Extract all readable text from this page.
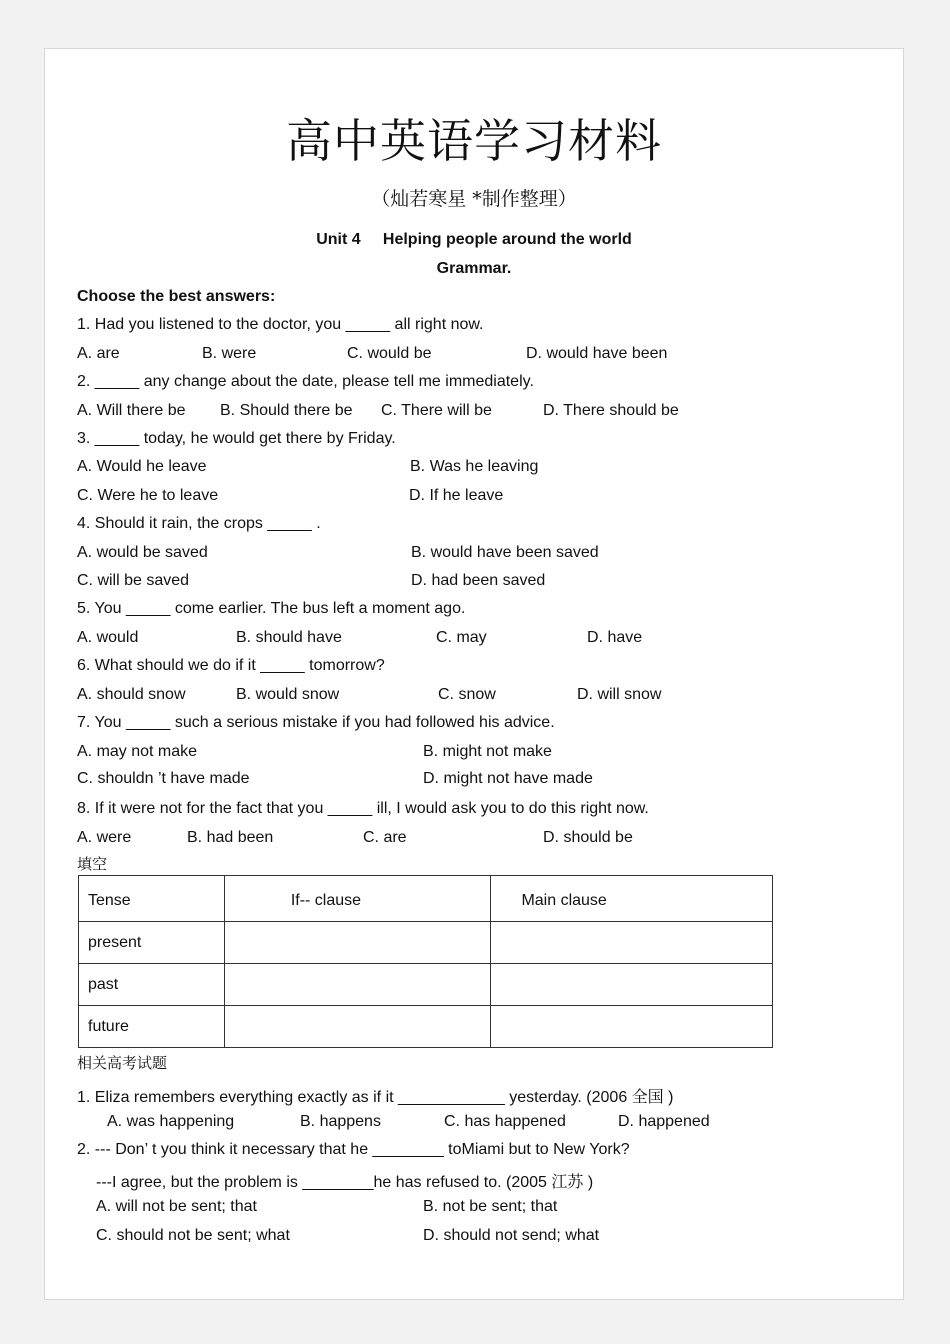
高中英语学习材料
（灿若寒星 *制作整理）
Unit 4 Helping people around the world
Grammar.
Choose the best answers:
1. Had you listened to the doctor, you _____ all right now.
A. are	B. were	C. would be	D. would have been
2. _____ any change about the date, please tell me immediately.
A. Will there be B. Should there be C. There will be	D. There should be
3. _____ today, he would get there by Friday.
A. Would he leave	B. Was he leaving
C. Were he to leave	D. If he leave
4. Should it rain, the crops _____ .
A. would be saved	B. would have been saved
C. will be saved	D. had been saved
5. You _____ come earlier. The bus left a moment ago.
A. would	B. should have	C. may	D. have
6. What should we do if it _____ tomorrow?
A. should snow	B. would snow	C. snow	D. will snow
7. You _____ such a serious mistake if you had followed his advice.
A. may not make	B. might not make
C. shouldn ’t have made	D. might not have made
8. If it were not for the fact that you _____ ill, I would ask you to do this right now.
A. were	B. had been	C. are	D. should be
填空
Tense	If-- clause	Main clause
present		
past		
future		
相关高考试题
1. Eliza remembers everything exactly as if it ____________ yesterday. (2006 全国 )
A. was happening	B. happens	C. has happened	D. happened
2. --- Don’ t you think it necessary that he ________ toMiami but to New York?
---I agree, but the problem is ________he has refused to. (2005 江苏 )
A. will not be sent; that	B. not be sent; that
C. should not be sent; what	D. should not send; what
